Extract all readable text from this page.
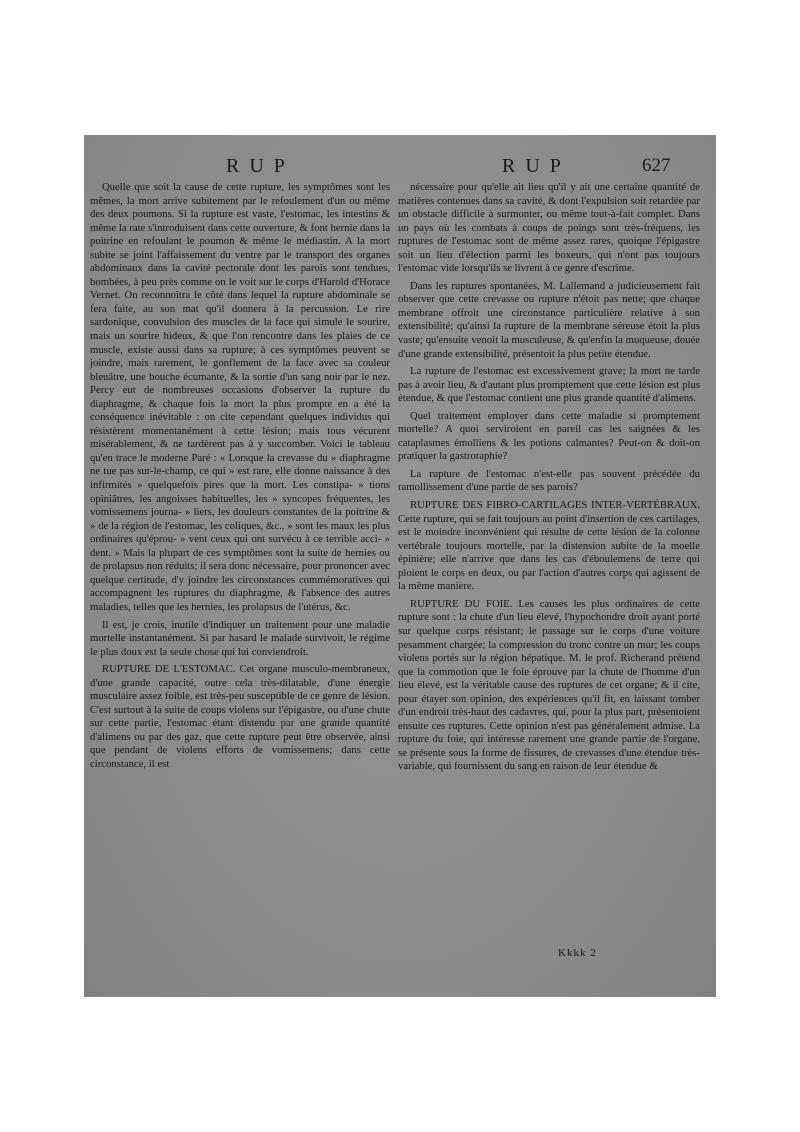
RUP	RUP	627

Quelle que soit la cause de cette rupture, les symptômes sont les mêmes, la mort arrive subitement par le refoulement d'un ou même des deux poumons. Si la rupture est vaste, l'estomac, les intestins & même la rate s'introduisent dans cette ouverture, & font hernie dans la poitrine en refoulant le poumon & même le médiastin. A la mort subite se joint l'affaissement du ventre par le transport des organes abdominaux dans la cavité pectorale dont les parois sont tendues, bombées, à peu près comme on le voit sur le corps d'Harold d'Horace Vernet. On reconnoîtra le côté dans lequel la rupture abdominale se fera faite, au son mat qu'il donnera à la percussion. Le rire sardonique, convulsion des muscles de la face qui simule le sourire, mais un sourire hideux, & que l'on rencontre dans les plaies de ce muscle, existe aussi dans sa rupture; à ces symptômes peuvent se joindre, mais rarement, le gonflement de la face avec sa couleur bleuâtre, une bouche écumante, & la sortie d'un sang noir par le nez. Percy eut de nombreuses occasions d'observer la rupture du diaphragme, & chaque fois la mort la plus prompte en a été la conséquence inévitable : on cite cependant quelques individus qui résistèrent momentanément à cette lésion; mais tous vécurent misérablement, & ne tardèrent pas à y succomber. Voici le tableau qu'en trace le moderne Paré : « Lorsque la crevasse du » diaphragme ne tue pas sur-le-champ, ce qui » est rare, elle donne naissance à des infirmités » quelquefois pires que la mort. Les constipa- » tions opiniâtres, les angoisses habituelles, les » syncopes fréquentes, les vomissemens journa- » liers, les douleurs constantes de la poitrine & » de la région de l'estomac, les coliques, &c., » sont les maux les plus ordinaires qu'éprou- » vent ceux qui ont survécu à ce terrible acci- » dent. » Mais la plupart de ces symptômes sont la suite de hernies ou de prolapsus non réduits; il sera donc nécessaire, pour prononcer avec quelque certitude, d'y joindre les circonstances commémoratives qui accompagnent les ruptures du diaphragme, & l'absence des autres maladies, telles que les hernies, les prolapsus de l'utérus, &c.

Il est, je crois, inutile d'indiquer un traitement pour une maladie mortelle instantanément. Si par hasard le malade survivoit, le régime le plus doux est la seule chose qui lui conviendroit.

RUPTURE DE L'ESTOMAC. Cet organe musculo-membraneux, d'une grande capacité, outre cela très-dilatable, d'une énergie musculaire assez foible, est très-peu susceptible de ce genre de lésion. C'est surtout à la suite de coups violens sur l'épigastre, ou d'une chute sur cette partie, l'estomac étant distendu par une grande quantité d'alimens ou par des gaz, que cette rupture peut être observée, ainsi que pendant de violens efforts de vomissemens; dans cette circonstance, il est

nécessaire pour qu'elle ait lieu qu'il y ait une certaine quantité de matières contenues dans sa cavité, & dont l'expulsion soit retardée par un obstacle difficile à surmonter, ou même tout-à-fait complet. Dans un pays où les combats à coups de poings sont très-fréquens, les ruptures de l'estomac sont de même assez rares, quoique l'épigastre soit un lieu d'élection parmi les boxeurs, qui n'ont pas toujours l'estomac vide lorsqu'ils se livrent à ce genre d'escrime.

Dans les ruptures spontanées, M. Lallemand a judicieusement fait observer que cette crevasse ou rupture n'étoit pas nette; que chaque membrane offroit une circonstance particulière relative à son extensibilité; qu'ainsi la rupture de la membrane séreuse étoit la plus vaste; qu'ensuite venoit la musculeuse, & qu'enfin la muqueuse, douée d'une grande extensibilité, présentoit la plus petite étendue.

La rupture de l'estomac est excessivement grave; la mort ne tarde pas à avoir lieu, & d'autant plus promptement que cette lésion est plus étendue, & que l'estomac contient une plus grande quantité d'alimens.

Quel traitement employer dans cette maladie si promptement mortelle? A quoi serviroient en pareil cas les saignées & les cataplasmes émolliens & les potions calmantes? Peut-on & doit-on pratiquer la gastroraphie?

La rupture de l'estomac n'est-elle pas souvent précédée du ramollissement d'une partie de ses parois?

RUPTURE DES FIBRO-CARTILAGES INTER-VERTÉBRAUX. Cette rupture, qui se fait toujours au point d'insertion de ces cartilages, est le moindre inconvénient qui résulte de cette lésion de la colonne vertébrale toujours mortelle, par la distension subite de la moelle épinière; elle n'arrive que dans les cas d'éboulemens de terre qui ploient le corps en deux, ou par l'action d'autres corps qui agissent de la même manière.

RUPTURE DU FOIE. Les causes les plus ordinaires de cette rupture sont : la chute d'un lieu élevé, l'hypochondre droit ayant porté sur quelque corps résistant; le passage sur le corps d'une voiture pesamment chargée; la compression du tronc contre un mur; les coups violens portés sur la région hépatique. M. le prof. Richerand prétend que la commotion que le foie éprouve par la chute de l'homme d'un lieu élevé, est la véritable cause des ruptures de cet organe; & il cite, pour étayer son opinion, des expériences qu'il fit, en laissant tomber d'un endroit très-haut des cadavres, qui, pour la plus part, présentoient ensuite ces ruptures. Cette opinion n'est pas généralement admise. La rupture du foie, qui intéresse rarement une grande partie de l'organe, se présente sous la forme de fissures, de crevasses d'une étendue très-variable, qui fournissent du sang en raison de leur étendue &

Kkkk 2
